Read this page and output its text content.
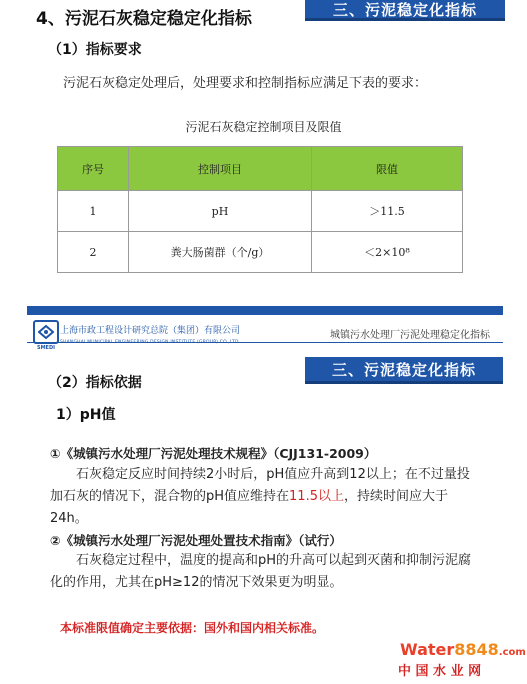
4、污泥石灰稳定稳定化指标	三、污泥稳定化指标
（1）指标要求
污泥石灰稳定处理后，处理要求和控制指标应满足下表的要求：
污泥石灰稳定控制项目及限值
序号	控制项目	限值
1	pH	＞11.5
2	粪大肠菌群（个/g）	＜2×10⁸
SMEDI
上海市政工程设计研究总院（集团）有限公司	城镇污水处理厂污泥处理稳定化指标
三、污泥稳定化指标
（2）指标依据
1）pH值
①《城镇污水处理厂污泥处理技术规程》（CJJ131-2009）
石灰稳定反应时间持续2小时后，pH值应升高到12以上；在不过量投加石灰的情况下，混合物的pH值应维持在11.5以上，持续时间应大于24h。
②《城镇污水处理厂污泥处理处置技术指南》（试行）
石灰稳定过程中，温度的提高和pH的升高可以起到灭菌和抑制污泥腐化的作用，尤其在pH≥12的情况下效果更为明显。
本标准限值确定主要依据：国外和国内相关标准。
Water8848.com
中 国 水 业 网
